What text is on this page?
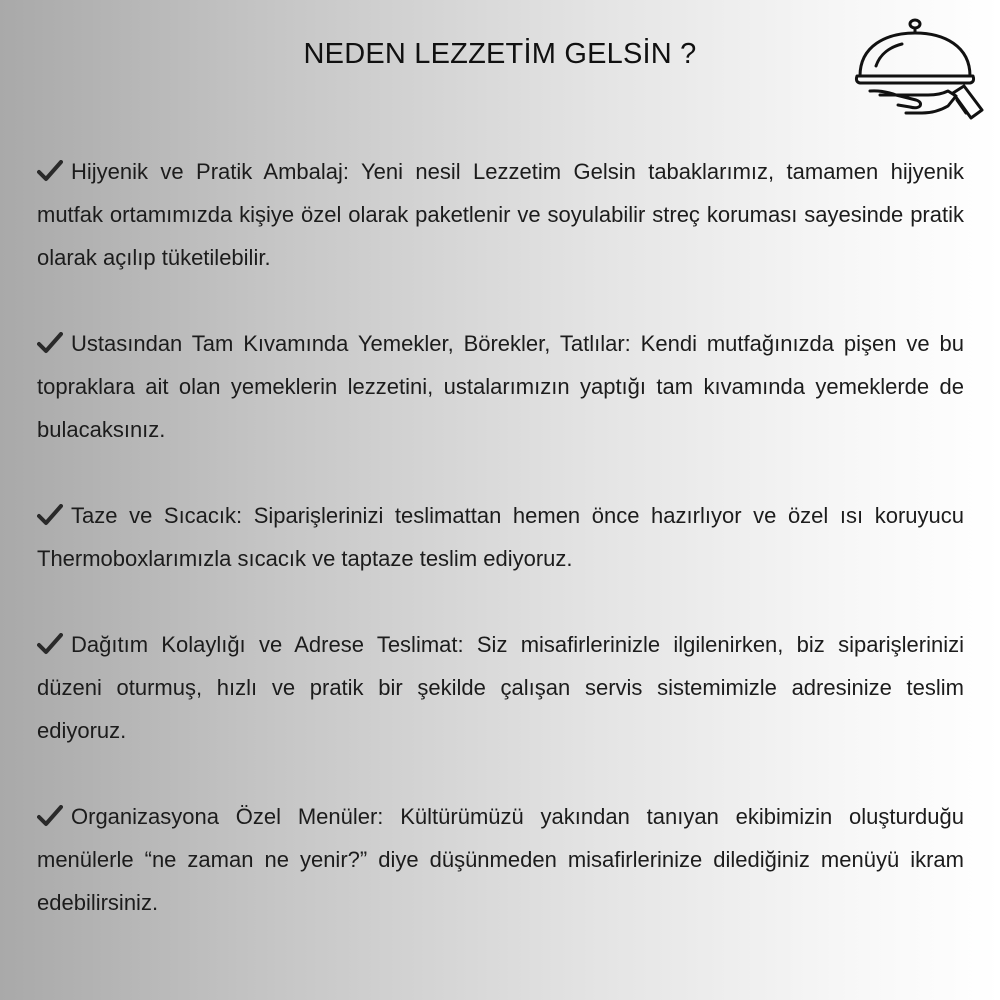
NEDEN LEZZETİM GELSİN ?

Hijyenik ve Pratik Ambalaj: Yeni nesil Lezzetim Gelsin tabaklarımız, tamamen hijyenik mutfak ortamımızda kişiye özel olarak paketlenir ve soyulabilir streç koruması sayesinde pratik olarak açılıp tüketilebilir.

Ustasından Tam Kıvamında Yemekler, Börekler, Tatlılar: Kendi mutfağınızda pişen ve bu topraklara ait olan yemeklerin lezzetini, ustalarımızın yaptığı tam kıvamında yemeklerde de bulacaksınız.

Taze ve Sıcacık: Siparişlerinizi teslimattan hemen önce hazırlıyor ve özel ısı koruyucu Thermoboxlarımızla sıcacık ve taptaze teslim ediyoruz.

Dağıtım Kolaylığı ve Adrese Teslimat: Siz misafirlerinizle ilgilenirken, biz siparişlerinizi düzeni oturmuş, hızlı ve pratik bir şekilde çalışan servis sistemimizle adresinize teslim ediyoruz.

Organizasyona Özel Menüler: Kültürümüzü yakından tanıyan ekibimizin oluşturduğu menülerle “ne zaman ne yenir?” diye düşünmeden misafirlerinize dilediğiniz menüyü ikram edebilirsiniz.
